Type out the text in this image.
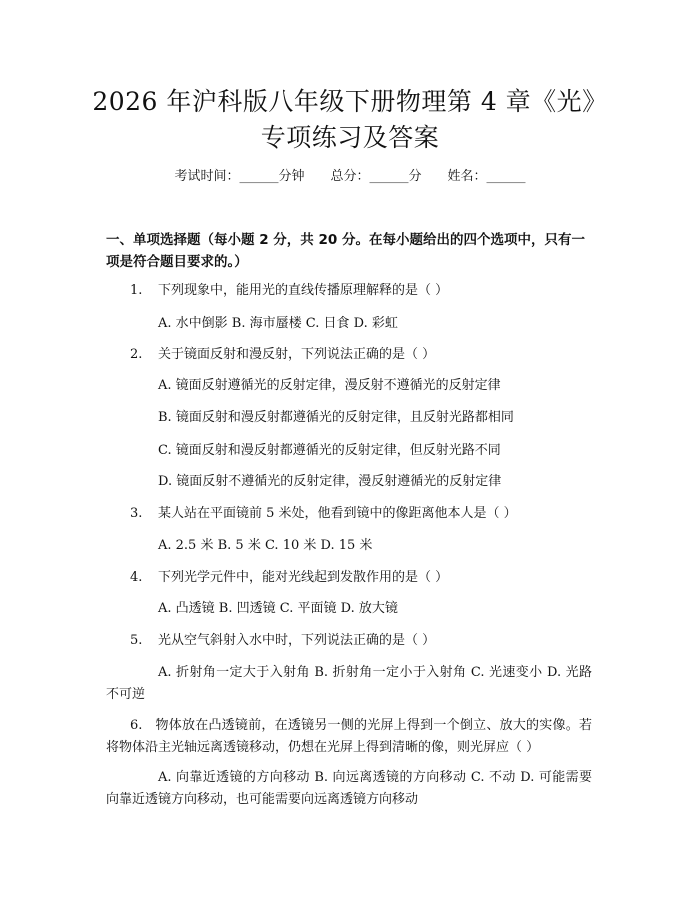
2026 年沪科版八年级下册物理第 4 章《光》
专项练习及答案
考试时间：______分钟 总分：______分 姓名：______
一、单项选择题（每小题 2 分，共 20 分。在每小题给出的四个选项中，只有一项是符合题目要求的。）
1. 下列现象中，能用光的直线传播原理解释的是（ ）
A. 水中倒影 B. 海市蜃楼 C. 日食 D. 彩虹
2. 关于镜面反射和漫反射，下列说法正确的是（ ）
A. 镜面反射遵循光的反射定律，漫反射不遵循光的反射定律
B. 镜面反射和漫反射都遵循光的反射定律，且反射光路都相同
C. 镜面反射和漫反射都遵循光的反射定律，但反射光路不同
D. 镜面反射不遵循光的反射定律，漫反射遵循光的反射定律
3. 某人站在平面镜前 5 米处，他看到镜中的像距离他本人是（ ）
A. 2.5 米 B. 5 米 C. 10 米 D. 15 米
4. 下列光学元件中，能对光线起到发散作用的是（ ）
A. 凸透镜 B. 凹透镜 C. 平面镜 D. 放大镜
5. 光从空气斜射入水中时，下列说法正确的是（ ）
A. 折射角一定大于入射角 B. 折射角一定小于入射角 C. 光速变小 D. 光路不可逆
6. 物体放在凸透镜前，在透镜另一侧的光屏上得到一个倒立、放大的实像。若将物体沿主光轴远离透镜移动，仍想在光屏上得到清晰的像，则光屏应（ ）
A. 向靠近透镜的方向移动 B. 向远离透镜的方向移动 C. 不动 D. 可能需要向靠近透镜方向移动，也可能需要向远离透镜方向移动
